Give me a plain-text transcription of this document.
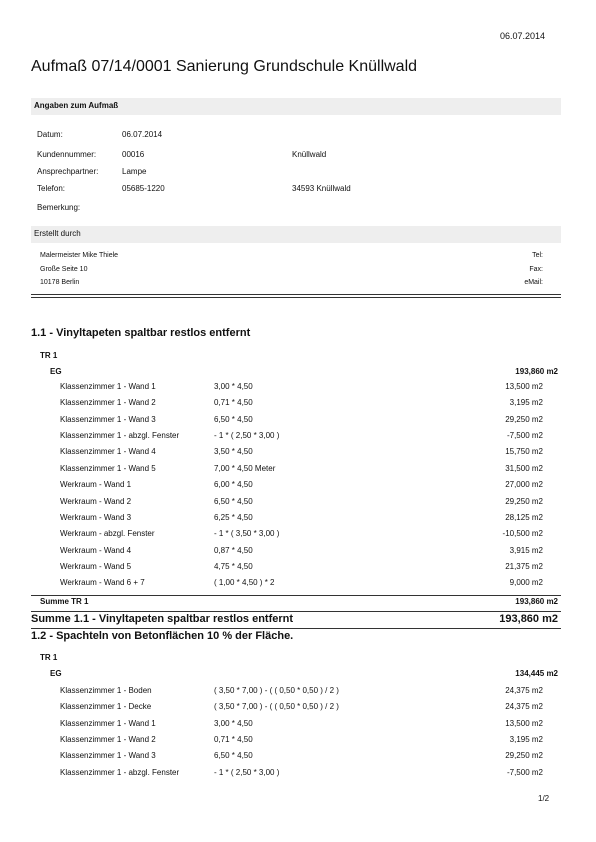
06.07.2014
Aufmaß 07/14/0001 Sanierung Grundschule Knüllwald
Angaben zum Aufmaß
Datum:	06.07.2014
Kundennummer:	00016	Knüllwald
Ansprechpartner:	Lampe
Telefon:	05685-1220	34593 Knüllwald
Bemerkung:
Erstellt durch
Malermeister Mike Thiele
Große Seite 10
10178 Berlin
Tel:
Fax:
eMail:
1.1 - Vinyltapeten spaltbar restlos entfernt
TR 1
EG	193,860 m2
Klassenzimmer 1 - Wand 1	3,00 * 4,50	13,500 m2
Klassenzimmer 1 - Wand 2	0,71 * 4,50	3,195 m2
Klassenzimmer 1 - Wand 3	6,50 * 4,50	29,250 m2
Klassenzimmer 1 - abzgl. Fenster	- 1 * ( 2,50 * 3,00 )	-7,500 m2
Klassenzimmer 1 - Wand 4	3,50 * 4,50	15,750 m2
Klassenzimmer 1 - Wand 5	7,00 * 4,50 Meter	31,500 m2
Werkraum - Wand 1	6,00 * 4,50	27,000 m2
Werkraum - Wand 2	6,50 * 4,50	29,250 m2
Werkraum - Wand 3	6,25 * 4,50	28,125 m2
Werkraum - abzgl. Fenster	- 1 * ( 3,50 * 3,00 )	-10,500 m2
Werkraum - Wand 4	0,87 * 4,50	3,915 m2
Werkraum - Wand 5	4,75 * 4,50	21,375 m2
Werkraum - Wand 6 + 7	( 1,00 * 4,50 ) * 2	9,000 m2
Summe TR 1	193,860 m2
Summe 1.1 - Vinyltapeten spaltbar restlos entfernt	193,860 m2
1.2 - Spachteln von Betonflächen 10 % der Fläche.
TR 1
EG	134,445 m2
Klassenzimmer 1 - Boden	( 3,50 * 7,00 ) - ( ( 0,50 * 0,50 ) / 2 )	24,375 m2
Klassenzimmer 1 - Decke	( 3,50 * 7,00 ) - ( ( 0,50 * 0,50 ) / 2 )	24,375 m2
Klassenzimmer 1 - Wand 1	3,00 * 4,50	13,500 m2
Klassenzimmer 1 - Wand 2	0,71 * 4,50	3,195 m2
Klassenzimmer 1 - Wand 3	6,50 * 4,50	29,250 m2
Klassenzimmer 1 - abzgl. Fenster	- 1 * ( 2,50 * 3,00 )	-7,500 m2
1/2
